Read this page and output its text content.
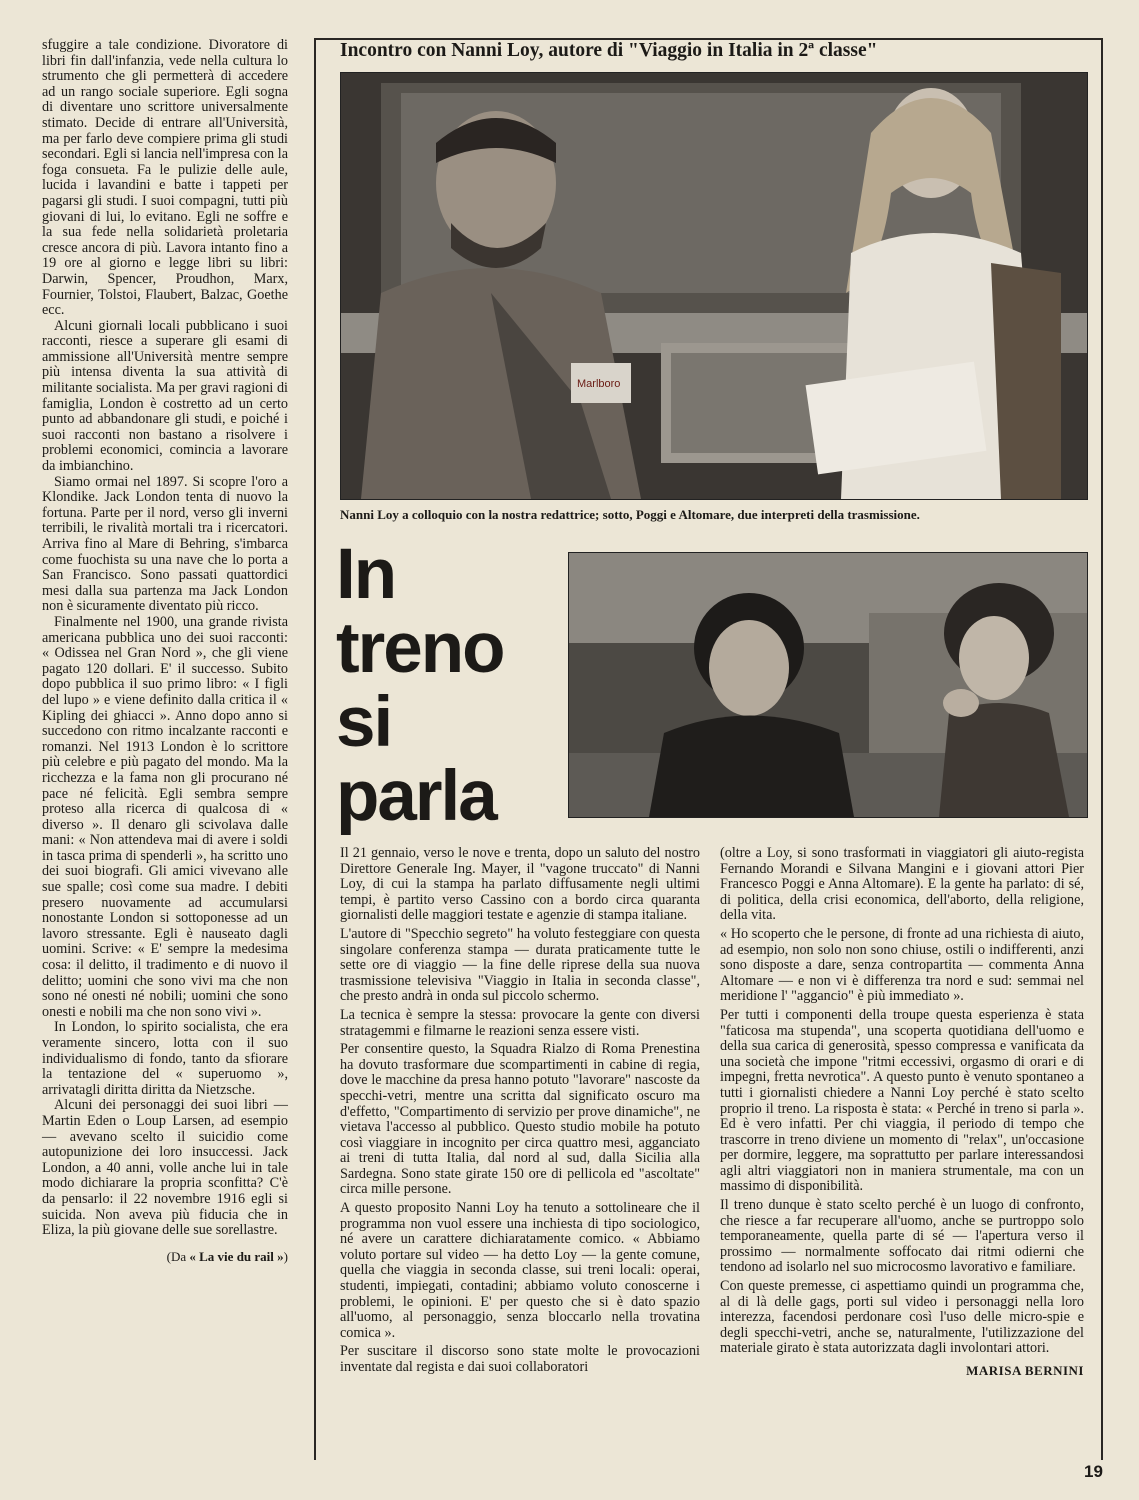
sfuggire a tale condizione. Divoratore di libri fin dall'infanzia, vede nella cultura lo strumento che gli permetterà di accedere ad un rango sociale superiore. Egli sogna di diventare uno scrittore universalmente stimato. Decide di entrare all'Università, ma per farlo deve compiere prima gli studi secondari. Egli si lancia nell'impresa con la foga consueta. Fa le pulizie delle aule, lucida i lavandini e batte i tappeti per pagarsi gli studi. I suoi compagni, tutti più giovani di lui, lo evitano. Egli ne soffre e la sua fede nella solidarietà proletaria cresce ancora di più. Lavora intanto fino a 19 ore al giorno e legge libri su libri: Darwin, Spencer, Proudhon, Marx, Fournier, Tolstoi, Flaubert, Balzac, Goethe ecc.

Alcuni giornali locali pubblicano i suoi racconti, riesce a superare gli esami di ammissione all'Università mentre sempre più intensa diventa la sua attività di militante socialista. Ma per gravi ragioni di famiglia, London è costretto ad un certo punto ad abbandonare gli studi, e poiché i suoi racconti non bastano a risolvere i problemi economici, comincia a lavorare da imbianchino.

Siamo ormai nel 1897. Si scopre l'oro a Klondike. Jack London tenta di nuovo la fortuna. Parte per il nord, verso gli inverni terribili, le rivalità mortali tra i ricercatori. Arriva fino al Mare di Behring, s'imbarca come fuochista su una nave che lo porta a San Francisco. Sono passati quattordici mesi dalla sua partenza ma Jack London non è sicuramente diventato più ricco.

Finalmente nel 1900, una grande rivista americana pubblica uno dei suoi racconti: « Odissea nel Gran Nord », che gli viene pagato 120 dollari. E' il successo. Subito dopo pubblica il suo primo libro: « I figli del lupo » e viene definito dalla critica il « Kipling dei ghiacci ». Anno dopo anno si succedono con ritmo incalzante racconti e romanzi. Nel 1913 London è lo scrittore più celebre e più pagato del mondo. Ma la ricchezza e la fama non gli procurano né pace né felicità. Egli sembra sempre proteso alla ricerca di qualcosa di « diverso ». Il denaro gli scivolava dalle mani: « Non attendeva mai di avere i soldi in tasca prima di spenderli », ha scritto uno dei suoi biografi. Gli amici vivevano alle sue spalle; così come sua madre. I debiti presero nuovamente ad accumularsi nonostante London si sottoponesse ad un lavoro stressante. Egli è nauseato dagli uomini. Scrive: « E' sempre la medesima cosa: il delitto, il tradimento e di nuovo il delitto; uomini che sono vivi ma che non sono né onesti né nobili; uomini che sono onesti e nobili ma che non sono vivi ».

In London, lo spirito socialista, che era veramente sincero, lotta con il suo individualismo di fondo, tanto da sfiorare la tentazione del « superuomo », arrivatagli diritta diritta da Nietzsche.

Alcuni dei personaggi dei suoi libri — Martin Eden o Loup Larsen, ad esempio — avevano scelto il suicidio come autopunizione dei loro insuccessi. Jack London, a 40 anni, volle anche lui in tale modo dichiarare la propria sconfitta? C'è da pensarlo: il 22 novembre 1916 egli si suicida. Non aveva più fiducia che in Eliza, la più giovane delle sue sorellastre.

(Da « La vie du rail »)
Incontro con Nanni Loy, autore di "Viaggio in Italia in 2ª classe"
Marlboro
Nanni Loy a colloquio con la nostra redattrice; sotto, Poggi e Altomare, due interpreti della trasmissione.
In
treno
si
parla

Il 21 gennaio, verso le nove e trenta, dopo un saluto del nostro Direttore Generale Ing. Mayer, il "vagone truccato" di Nanni Loy, di cui la stampa ha parlato diffusamente negli ultimi tempi, è partito verso Cassino con a bordo circa quaranta giornalisti delle maggiori testate e agenzie di stampa italiane.

L'autore di "Specchio segreto" ha voluto festeggiare con questa singolare conferenza stampa — durata praticamente tutte le sette ore di viaggio — la fine delle riprese della sua nuova trasmissione televisiva "Viaggio in Italia in seconda classe", che presto andrà in onda sul piccolo schermo.

La tecnica è sempre la stessa: provocare la gente con diversi stratagemmi e filmarne le reazioni senza essere visti.

Per consentire questo, la Squadra Rialzo di Roma Prenestina ha dovuto trasformare due scompartimenti in cabine di regia, dove le macchine da presa hanno potuto "lavorare" nascoste da specchi-vetri, mentre una scritta dal significato oscuro ma d'effetto, "Compartimento di servizio per prove dinamiche", ne vietava l'accesso al pubblico. Questo studio mobile ha potuto così viaggiare in incognito per circa quattro mesi, agganciato ai treni di tutta Italia, dal nord al sud, dalla Sicilia alla Sardegna. Sono state girate 150 ore di pellicola ed "ascoltate" circa mille persone.

A questo proposito Nanni Loy ha tenuto a sottolineare che il programma non vuol essere una inchiesta di tipo sociologico, né avere un carattere dichiaratamente comico. « Abbiamo voluto portare sul video — ha detto Loy — la gente comune, quella che viaggia in seconda classe, sui treni locali: operai, studenti, impiegati, contadini; abbiamo voluto conoscerne i problemi, le opinioni. E' per questo che si è dato spazio all'uomo, al personaggio, senza bloccarlo nella trovatina comica ».

Per suscitare il discorso sono state molte le provocazioni inventate dal regista e dai suoi collaboratori

(oltre a Loy, si sono trasformati in viaggiatori gli aiuto-regista Fernando Morandi e Silvana Mangini e i giovani attori Pier Francesco Poggi e Anna Altomare). E la gente ha parlato: di sé, di politica, della crisi economica, dell'aborto, della religione, della vita.

« Ho scoperto che le persone, di fronte ad una richiesta di aiuto, ad esempio, non solo non sono chiuse, ostili o indifferenti, anzi sono disposte a dare, senza contropartita — commenta Anna Altomare — e non vi è differenza tra nord e sud: semmai nel meridione l' "aggancio" è più immediato ».

Per tutti i componenti della troupe questa esperienza è stata "faticosa ma stupenda", una scoperta quotidiana dell'uomo e della sua carica di generosità, spesso compressa e vanificata da una società che impone "ritmi eccessivi, orgasmo di orari e di impegni, fretta nevrotica". A questo punto è venuto spontaneo a tutti i giornalisti chiedere a Nanni Loy perché è stato scelto proprio il treno. La risposta è stata: « Perché in treno si parla ». Ed è vero infatti. Per chi viaggia, il periodo di tempo che trascorre in treno diviene un momento di "relax", un'occasione per dormire, leggere, ma soprattutto per parlare interessandosi agli altri viaggiatori non in maniera strumentale, ma con un massimo di disponibilità.

Il treno dunque è stato scelto perché è un luogo di confronto, che riesce a far recuperare all'uomo, anche se purtroppo solo temporaneamente, quella parte di sé — l'apertura verso il prossimo — normalmente soffocato dai ritmi odierni che tendono ad isolarlo nel suo microcosmo lavorativo e familiare.

Con queste premesse, ci aspettiamo quindi un programma che, al di là delle gags, porti sul video i personaggi nella loro interezza, facendosi perdonare così l'uso delle micro-spie e degli specchi-vetri, anche se, naturalmente, l'utilizzazione del materiale girato è stata autorizzata dagli involontari attori.

MARISA BERNINI
19
